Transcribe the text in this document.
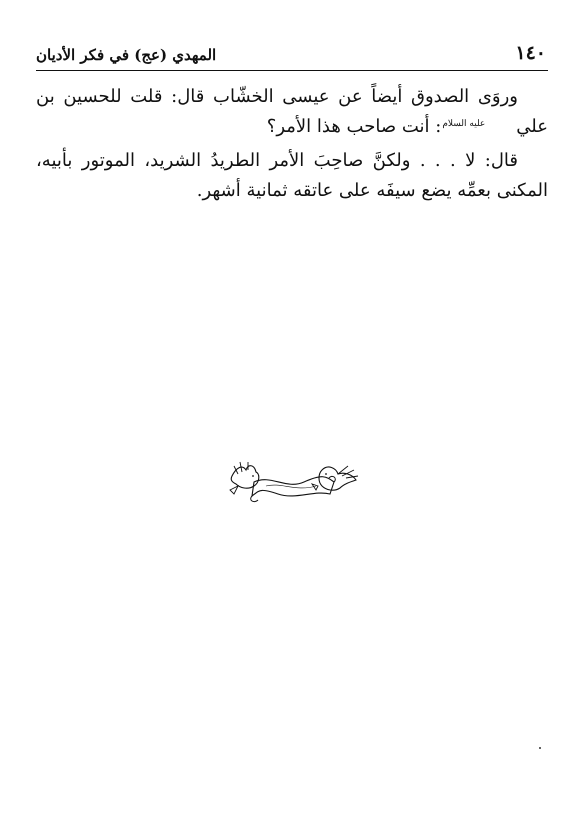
١٤٠
المهدي (عج) في فكر الأديان

وروَى الصدوق أيضاً عن عيسى الخشّاب قال: قلت للحسين بن عليعليه السلام: أنت صاحب هذا الأمر؟

قال: لا . . . ولكنَّ صاحِبَ الأمر الطريدُ الشريد، الموتور بأبيه، المكنى بعمِّه يضع سيفَه على عاتقه ثمانية أشهر.
